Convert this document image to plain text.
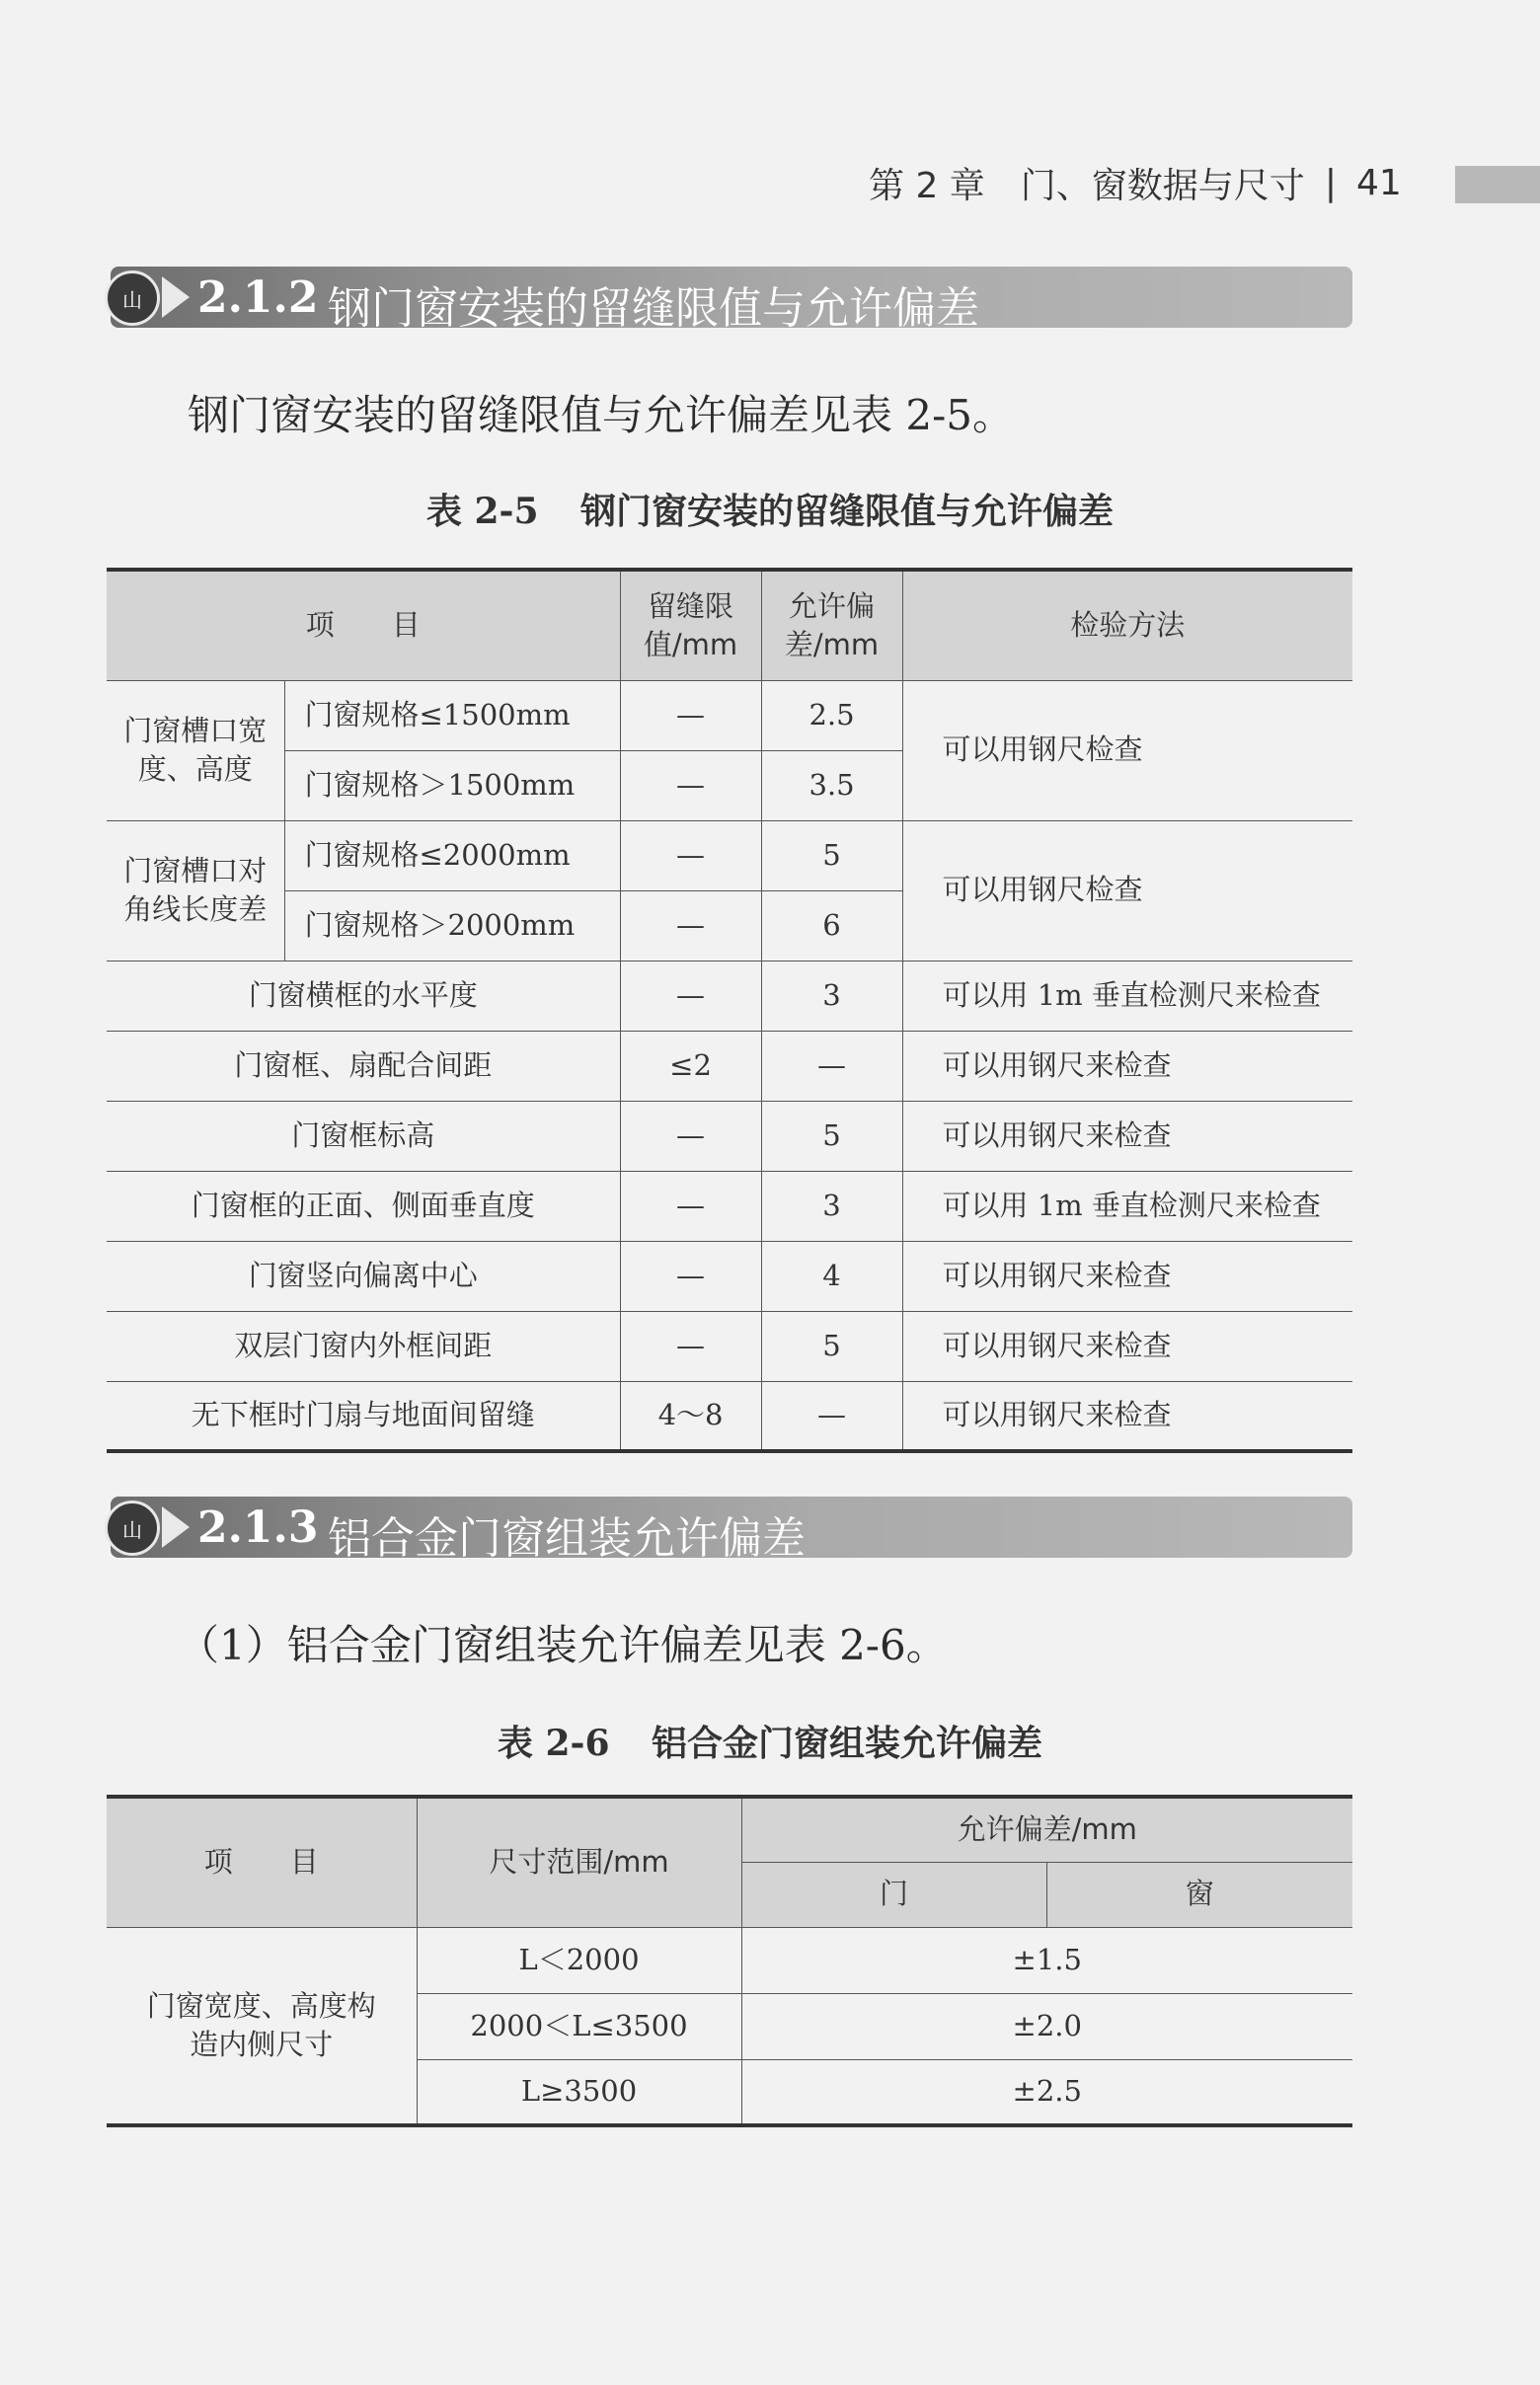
第 2 章 门、窗数据与尺寸 | 41
山	2.1.2 钢门窗安装的留缝限值与允许偏差
钢门窗安装的留缝限值与允许偏差见表 2-5。
表 2-5 钢门窗安装的留缝限值与允许偏差
项　　目		留缝限值/mm	允许偏差/mm	检验方法
门窗槽口宽度、高度	门窗规格≤1500mm	—	2.5	可以用钢尺检查
	门窗规格＞1500mm	—	3.5	
门窗槽口对角线长度差	门窗规格≤2000mm	—	5	可以用钢尺检查
	门窗规格＞2000mm	—	6	
门窗横框的水平度		—	3	可以用 1m 垂直检测尺来检查
门窗框、扇配合间距		≤2	—	可以用钢尺来检查
门窗框标高		—	5	可以用钢尺来检查
门窗框的正面、侧面垂直度		—	3	可以用 1m 垂直检测尺来检查
门窗竖向偏离中心		—	4	可以用钢尺来检查
双层门窗内外框间距		—	5	可以用钢尺来检查
无下框时门扇与地面间留缝		4～8	—	可以用钢尺来检查
山	2.1.3 铝合金门窗组装允许偏差
（1）铝合金门窗组装允许偏差见表 2-6。
表 2-6 铝合金门窗组装允许偏差
项　　目	尺寸范围/mm	允许偏差/mm	
		门	窗
门窗宽度、高度构造内侧尺寸	L＜2000	±1.5	
	2000＜L≤3500	±2.0	
	L≥3500	±2.5	
